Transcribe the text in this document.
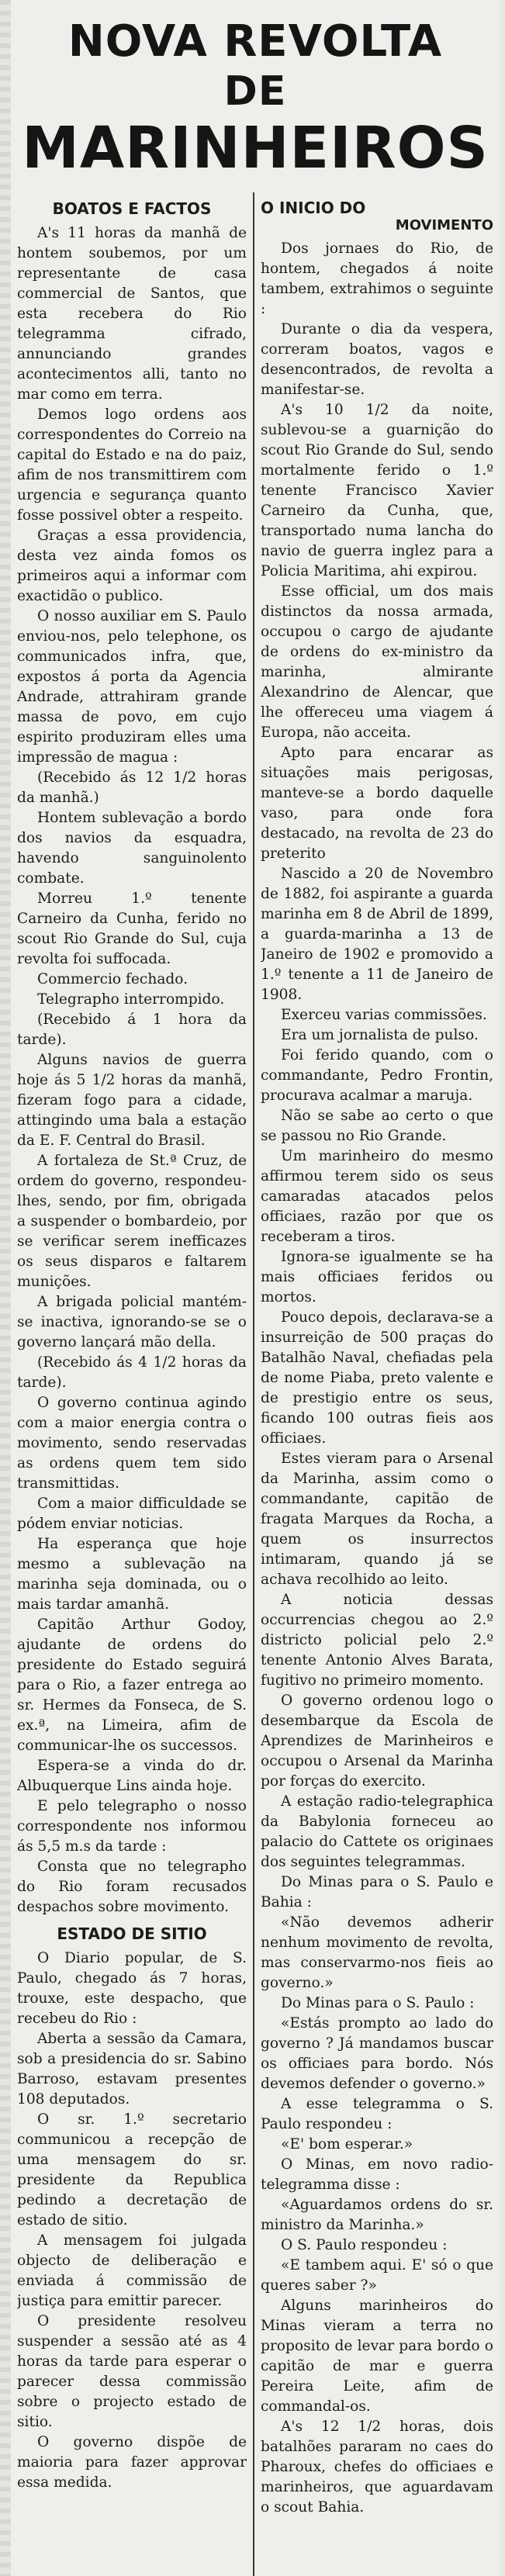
NOVA REVOLTA
DE
MARINHEIROS
BOATOS E FACTOS

A's 11 horas da manhã de hontem soubemos, por um representante de casa commercial de Santos, que esta recebera do Rio telegramma cifrado, annunciando grandes acontecimentos alli, tanto no mar como em terra.

Demos logo ordens aos correspondentes do Correio na capital do Estado e na do paiz, afim de nos transmittirem com urgencia e segurança quanto fosse possivel obter a respeito.

Graças a essa providencia, desta vez ainda fomos os primeiros aqui a informar com exactidão o publico.

O nosso auxiliar em S. Paulo enviou-nos, pelo telephone, os communicados infra, que, expostos á porta da Agencia Andrade, attrahiram grande massa de povo, em cujo espirito produziram elles uma impressão de magua :

(Recebido ás 12 1/2 horas da manhã.)

Hontem sublevação a bordo dos navios da esquadra, havendo sanguinolento combate.

Morreu 1.º tenente Carneiro da Cunha, ferido no scout Rio Grande do Sul, cuja revolta foi suffocada.

Commercio fechado.

Telegrapho interrompido.

(Recebido á 1 hora da tarde).

Alguns navios de guerra hoje ás 5 1/2 horas da manhã, fizeram fogo para a cidade, attingindo uma bala a estação da E. F. Central do Brasil.

A fortaleza de St.ª Cruz, de ordem do governo, respondeu-lhes, sendo, por fim, obrigada a suspender o bombardeio, por se verificar serem inefficazes os seus disparos e faltarem munições.

A brigada policial mantém-se inactiva, ignorando-se se o governo lançará mão della.

(Recebido ás 4 1/2 horas da tarde).

O governo continua agindo com a maior energia contra o movimento, sendo reservadas as ordens quem tem sido transmittidas.

Com a maior difficuldade se pódem enviar noticias.

Ha esperança que hoje mesmo a sublevação na marinha seja dominada, ou o mais tardar amanhã.

Capitão Arthur Godoy, ajudante de ordens do presidente do Estado seguirá para o Rio, a fazer entrega ao sr. Hermes da Fonseca, de S. ex.ª, na Limeira, afim de communicar-lhe os successos.

Espera-se a vinda do dr. Albuquerque Lins ainda hoje.

E pelo telegrapho o nosso correspondente nos informou ás 5,5 m.s da tarde :

Consta que no telegrapho do Rio foram recusados despachos sobre movimento.

ESTADO DE SITIO

O Diario popular, de S. Paulo, chegado ás 7 horas, trouxe, este despacho, que recebeu do Rio :

Aberta a sessão da Camara, sob a presidencia do sr. Sabino Barroso, estavam presentes 108 deputados.

O sr. 1.º secretario communicou a recepção de uma mensagem do sr. presidente da Republica pedindo a decretação de estado de sitio.

A mensagem foi julgada objecto de deliberação e enviada á commissão de justiça para emittir parecer.

O presidente resolveu suspender a sessão até as 4 horas da tarde para esperar o parecer dessa commissão sobre o projecto estado de sitio.

O governo dispõe de maioria para fazer approvar essa medida.

O INICIO DO
MOVIMENTO

Dos jornaes do Rio, de hontem, chegados á noite tambem, extrahimos o seguinte :

Durante o dia da vespera, correram boatos, vagos e desencontrados, de revolta a manifestar-se.

A's 10 1/2 da noite, sublevou-se a guarnição do scout Rio Grande do Sul, sendo mortalmente ferido o 1.º tenente Francisco Xavier Carneiro da Cunha, que, transportado numa lancha do navio de guerra inglez para a Policia Maritima, ahi expirou.

Esse official, um dos mais distinctos da nossa armada, occupou o cargo de ajudante de ordens do ex-ministro da marinha, almirante Alexandrino de Alencar, que lhe offereceu uma viagem á Europa, não acceita.

Apto para encarar as situações mais perigosas, manteve-se a bordo daquelle vaso, para onde fora destacado, na revolta de 23 do preterito

Nascido a 20 de Novembro de 1882, foi aspirante a guarda marinha em 8 de Abril de 1899, a guarda-marinha a 13 de Janeiro de 1902 e promovido a 1.º tenente a 11 de Janeiro de 1908.

Exerceu varias commissões.

Era um jornalista de pulso.

Foi ferido quando, com o commandante, Pedro Frontin, procurava acalmar a maruja.

Não se sabe ao certo o que se passou no Rio Grande.

Um marinheiro do mesmo affirmou terem sido os seus camaradas atacados pelos officiaes, razão por que os receberam a tiros.

Ignora-se igualmente se ha mais officiaes feridos ou mortos.

Pouco depois, declarava-se a insurreição de 500 praças do Batalhão Naval, chefiadas pela de nome Piaba, preto valente e de prestigio entre os seus, ficando 100 outras fieis aos officiaes.

Estes vieram para o Arsenal da Marinha, assim como o commandante, capitão de fragata Marques da Rocha, a quem os insurrectos intimaram, quando já se achava recolhido ao leito.

A noticia dessas occurrencias chegou ao 2.º districto policial pelo 2.º tenente Antonio Alves Barata, fugitivo no primeiro momento.

O governo ordenou logo o desembarque da Escola de Aprendizes de Marinheiros e occupou o Arsenal da Marinha por forças do exercito.

A estação radio-telegraphica da Babylonia forneceu ao palacio do Cattete os originaes dos seguintes telegrammas.

Do Minas para o S. Paulo e Bahia :

«Não devemos adherir nenhum movimento de revolta, mas conservarmo-nos fieis ao governo.»

Do Minas para o S. Paulo :

«Estás prompto ao lado do governo ? Já mandamos buscar os officiaes para bordo. Nós devemos defender o governo.»

A esse telegramma o S. Paulo respondeu :

«E' bom esperar.»

O Minas, em novo radio-telegramma disse :

«Aguardamos ordens do sr. ministro da Marinha.»

O S. Paulo respondeu :

«E tambem aqui. E' só o que queres saber ?»

Alguns marinheiros do Minas vieram a terra no proposito de levar para bordo o capitão de mar e guerra Pereira Leite, afim de commandal-os.

A's 12 1/2 horas, dois batalhões pararam no caes do Pharoux, chefes do officiaes e marinheiros, que aguardavam o scout Bahia.
